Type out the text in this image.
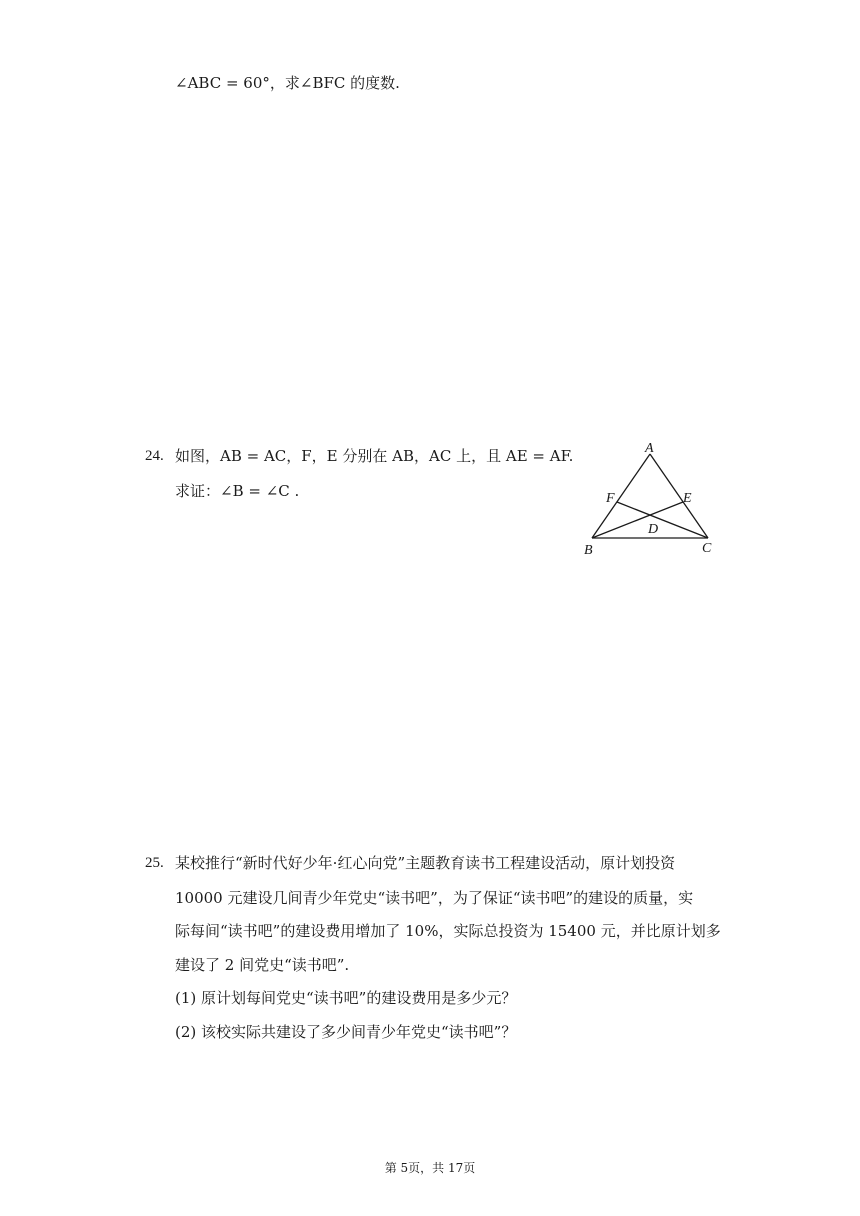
∠ABC = 60°，求∠BFC 的度数.
24. 如图，AB = AC，F，E 分别在 AB，AC 上，且 AE = AF.
求证：∠B = ∠C .
A
F	E
D
B	C
25. 某校推行“新时代好少年·红心向党”主题教育读书工程建设活动，原计划投资
10000 元建设几间青少年党史“读书吧”，为了保证“读书吧”的建设的质量，实
际每间“读书吧”的建设费用增加了 10%，实际总投资为 15400 元，并比原计划多
建设了 2 间党史“读书吧”.
(1) 原计划每间党史“读书吧”的建设费用是多少元？
(2) 该校实际共建设了多少间青少年党史“读书吧”？
第 5页，共 17页
